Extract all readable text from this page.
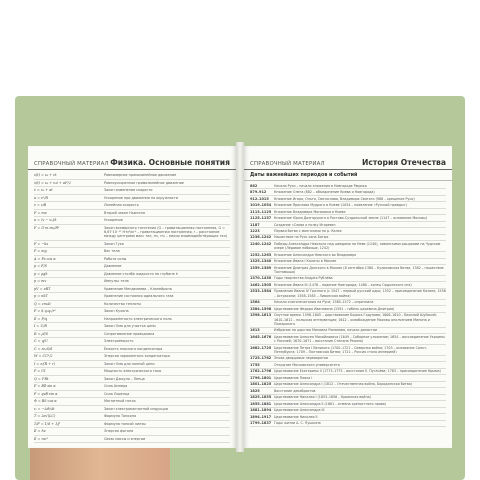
СПРАВОЧНЫЙ МАТЕРИАЛ Физика. Основные понятия
x(t) = x₀ + vt	Равномерное прямолинейное движение
x(t) = x₀ + v₀t + at²/2	Равноускоренное прямолинейное движение
v = v₀ + at	Закон изменения скорости
a = v²/R	Ускорение при движении по окружности
v = ωR	Линейная скорость
F = ma	Второй закон Ньютона
a = (v − v₀)/t	Ускорение
F = G·m₁m₂/R²	Закон всемирного тяготения (G – гравитационная постоянная, G = 6,67·10⁻¹¹ Н·м²/кг² – гравитационная постоянная, r – расстояние между центрами масс тел, m₁, m₂ – массы взаимодействующих тел)
F = −kx	Закон Гука
P = mg	Вес тела
A = Fs·cos α	Работа силы
p = F/S	Давление
p = ρgh	Давление столба жидкости на глубине h
p = mv	Импульс тела
pV = νRT	Уравнение Менделеева – Клапейрона
p = nkT	Уравнение состояния идеального газа
Q = cmΔt	Количество теплоты
F = k·q₁q₂/r²	Закон Кулона
E = F/q	Напряжённость электрического поля
I = U/R	Закон Ома для участка цепи
R = ρl/S	Сопротивление проводника
C = q/U	Электроёмкость
C = εε₀S/d	Ёмкость плоского конденсатора
W = CU²/2	Энергия заряженного конденсатора
I = ε/(R + r)	Закон Ома для полной цепи
P = UI	Мощность электрического тока
Q = I²Rt	Закон Джоуля – Ленца
F = BIl·sin α	Сила Ампера
F = qvB·sin α	Сила Лоренца
Φ = BS·cos α	Магнитный поток
εᵢ = −ΔΦ/Δt	Закон электромагнитной индукции
T = 2π√(LC)	Формула Томсона
1/F = 1/d + 1/f	Формула тонкой линзы
E = hν	Энергия фотона
E = mc²	Связь массы и энергии
СПРАВОЧНЫЙ МАТЕРИАЛ	История Отечества
Даты важнейших периодов и событий
862	Начало Руси – начало княжения в Новгороде Рюрика
879–912	Княжение Олега (882 – объединение Киева и Новгорода)
912–1015	Княжение Игоря, Ольги, Святослава, Владимира Святого (988 – крещение Руси)
1019–1054 Княжение Ярослава Мудрого в Киеве (1054 – появление «Русской правды»)
1113–1125 Княжение Владимира Мономаха в Киеве
1125–1157 Княжение Юрия Долгорукого в Ростово-Суздальской земле (1147 – основание Москвы)
1187	Создание «Слова о полку Игореве»
1223	Первая битва с монголами на р. Калке
1236–1242 Нашествие на Русь хана Батыя
1240–1242 Победы Александра Невского над шведами на Неве (1240), ливонскими рыцарями на Чудском озере (Ледовое побоище, 1242)
1252–1263 Княжение Александра Невского во Владимире
1325–1340 Княжение Ивана I Калиты в Москве
1359–1389 Княжение Дмитрия Донского в Москве (8 сентября 1380 – Куликовская битва, 1382 – нашествие Тохтамыша)
1370–1430 Годы творчества Андрея Рублёва
1462–1505 Княжение Ивана III (1478 – падение Новгорода; 1480 – конец Ордынского ига)
1533–1584 Правление Ивана IV Грозного (с 1547 – первый русский царь; 1552 – присоединение Казани, 1556 – Астрахани; 1558–1583 – Ливонская война)
1564	Начало книгопечатания на Руси; 1565–1572 – опричнина
1584–1598 Царствование Федора Ивановича (1591 – гибель царевича Дмитрия)
1598–1613 Смутное время: 1598–1605 – царствование Бориса Годунова; 1606–1610 – Василий Шуйский; 1610–1612 – польская интервенция; 1612 – освобождение Москвы ополчением Минина и Пожарского
1613	Избрание на царство Михаила Романова, начало династии
1645–1676 Царствование Алексея Михайловича (1649 – Соборное уложение; 1654 – воссоединение Украины с Россией; 1670–1671 – восстание Степана Разина)
1682–1725 Царствование Петра I Великого (1700–1721 – Северная война; 1703 – основание Санкт-Петербурга; 1709 – Полтавская битва; 1721 – Россия стала империей)
1725–1762 Эпоха дворцовых переворотов
1755	Открытие Московского университета
1762–1796 Царствование Екатерины II (1773–1775 – восстание Е. Пугачёва; 1783 – присоединение Крыма)
1796–1801 Царствование Павла I
1801–1825 Царствование Александра I (1812 – Отечественная война, Бородинская битва)
1825	Восстание декабристов
1825–1855 Царствование Николая I (1853–1856 – Крымская война)
1855–1881 Царствование Александра II (1861 – отмена крепостного права)
1881–1894 Царствование Александра III
1894–1917 Царствование Николая II
1799–1837 Годы жизни А. С. Пушкина
